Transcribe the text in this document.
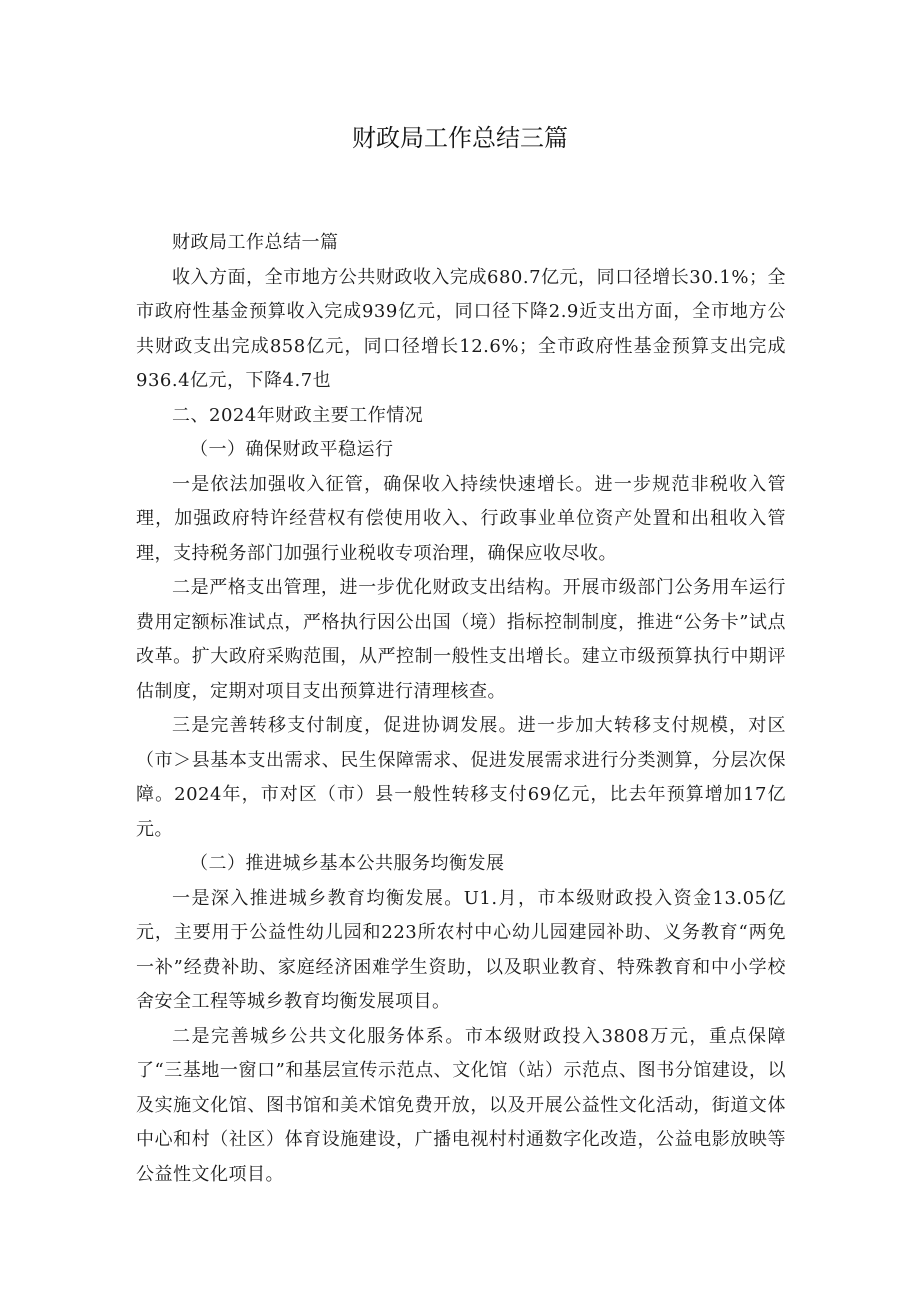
财政局工作总结三篇

财政局工作总结一篇

收入方面，全市地方公共财政收入完成680.7亿元，同口径增长30.1%；全市政府性基金预算收入完成939亿元，同口径下降2.9近支出方面，全市地方公共财政支出完成858亿元，同口径增长12.6%；全市政府性基金预算支出完成936.4亿元，下降4.7也

二、2024年财政主要工作情况

（一）确保财政平稳运行

一是依法加强收入征管，确保收入持续快速增长。进一步规范非税收入管理，加强政府特许经营权有偿使用收入、行政事业单位资产处置和出租收入管理，支持税务部门加强行业税收专项治理，确保应收尽收。

二是严格支出管理，进一步优化财政支出结构。开展市级部门公务用车运行费用定额标准试点，严格执行因公出国（境）指标控制制度，推进“公务卡”试点改革。扩大政府采购范围，从严控制一般性支出增长。建立市级预算执行中期评估制度，定期对项目支出预算进行清理核查。

三是完善转移支付制度，促进协调发展。进一步加大转移支付规模，对区（市＞县基本支出需求、民生保障需求、促进发展需求进行分类测算，分层次保障。2024年，市对区（市）县一般性转移支付69亿元，比去年预算增加17亿元。

（二）推进城乡基本公共服务均衡发展

一是深入推进城乡教育均衡发展。U1.月，市本级财政投入资金13.05亿元，主要用于公益性幼儿园和223所农村中心幼儿园建园补助、义务教育“两免一补”经费补助、家庭经济困难学生资助，以及职业教育、特殊教育和中小学校舍安全工程等城乡教育均衡发展项目。

二是完善城乡公共文化服务体系。市本级财政投入3808万元，重点保障了“三基地一窗口”和基层宣传示范点、文化馆（站）示范点、图书分馆建设，以及实施文化馆、图书馆和美术馆免费开放，以及开展公益性文化活动，街道文体中心和村（社区）体育设施建设，广播电视村村通数字化改造，公益电影放映等公益性文化项目。
